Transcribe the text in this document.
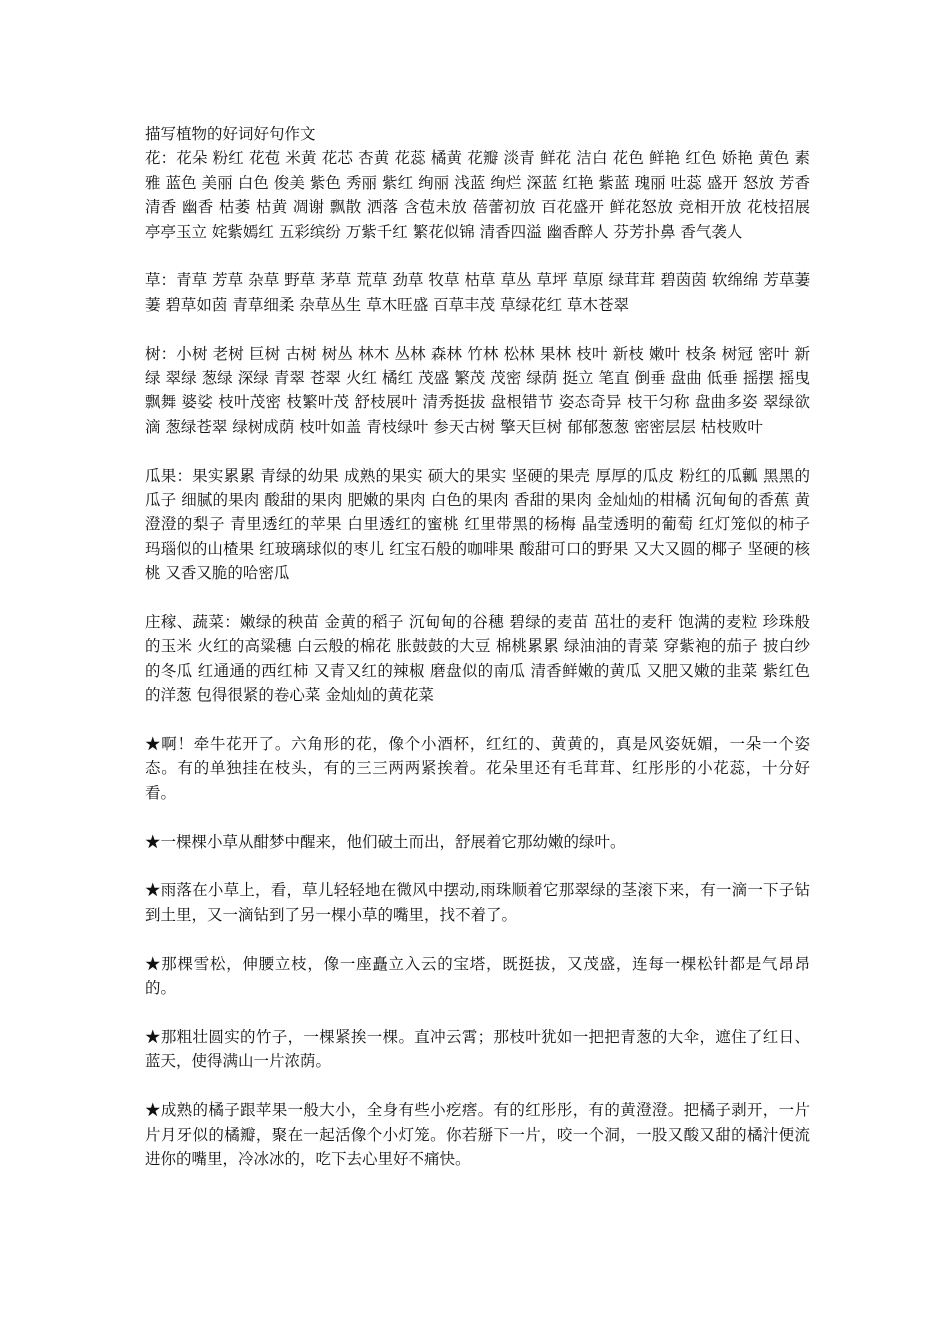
描写植物的好词好句作文

花：花朵 粉红 花苞 米黄 花芯 杏黄 花蕊 橘黄 花瓣 淡青 鲜花 洁白 花色 鲜艳 红色 娇艳 黄色 素雅 蓝色 美丽 白色 俊美 紫色 秀丽 紫红 绚丽 浅蓝 绚烂 深蓝 红艳 紫蓝 瑰丽 吐蕊 盛开 怒放 芳香 清香 幽香 枯萎 枯黄 凋谢 飘散 洒落 含苞未放 蓓蕾初放 百花盛开 鲜花怒放 竞相开放 花枝招展 亭亭玉立 姹紫嫣红 五彩缤纷 万紫千红 繁花似锦 清香四溢 幽香醉人 芬芳扑鼻 香气袭人

草：青草 芳草 杂草 野草 茅草 荒草 劲草 牧草 枯草 草丛 草坪 草原 绿茸茸 碧茵茵 软绵绵 芳草萋萋 碧草如茵 青草细柔 杂草丛生 草木旺盛 百草丰茂 草绿花红 草木苍翠

树：小树 老树 巨树 古树 树丛 林木 丛林 森林 竹林 松林 果林 枝叶 新枝 嫩叶 枝条 树冠 密叶 新绿 翠绿 葱绿 深绿 青翠 苍翠 火红 橘红 茂盛 繁茂 茂密 绿荫 挺立 笔直 倒垂 盘曲 低垂 摇摆 摇曳 飘舞 婆娑 枝叶茂密 枝繁叶茂 舒枝展叶 清秀挺拔 盘根错节 姿态奇异 枝干匀称 盘曲多姿 翠绿欲滴 葱绿苍翠 绿树成荫 枝叶如盖 青枝绿叶 参天古树 擎天巨树 郁郁葱葱 密密层层 枯枝败叶

瓜果：果实累累 青绿的幼果 成熟的果实 硕大的果实 坚硬的果壳 厚厚的瓜皮 粉红的瓜瓤 黑黑的瓜子 细腻的果肉 酸甜的果肉 肥嫩的果肉 白色的果肉 香甜的果肉 金灿灿的柑橘 沉甸甸的香蕉 黄澄澄的梨子 青里透红的苹果 白里透红的蜜桃 红里带黑的杨梅 晶莹透明的葡萄 红灯笼似的柿子 玛瑙似的山楂果 红玻璃球似的枣儿 红宝石般的咖啡果 酸甜可口的野果 又大又圆的椰子 坚硬的核桃 又香又脆的哈密瓜

庄稼、蔬菜：嫩绿的秧苗 金黄的稻子 沉甸甸的谷穗 碧绿的麦苗 茁壮的麦秆 饱满的麦粒 珍珠般的玉米 火红的高粱穗 白云般的棉花 胀鼓鼓的大豆 棉桃累累 绿油油的青菜 穿紫袍的茄子 披白纱的冬瓜 红通通的西红柿 又青又红的辣椒 磨盘似的南瓜 清香鲜嫩的黄瓜 又肥又嫩的韭菜 紫红色的洋葱 包得很紧的卷心菜 金灿灿的黄花菜

★啊！牵牛花开了。六角形的花，像个小酒杯，红红的、黄黄的，真是风姿妩媚，一朵一个姿态。有的单独挂在枝头，有的三三两两紧挨着。花朵里还有毛茸茸、红彤彤的小花蕊，十分好看。

★一棵棵小草从酣梦中醒来，他们破土而出，舒展着它那幼嫩的绿叶。

★雨落在小草上，看，草儿轻轻地在微风中摆动,雨珠顺着它那翠绿的茎滚下来，有一滴一下子钻到土里，又一滴钻到了另一棵小草的嘴里，找不着了。

★那棵雪松，伸腰立枝，像一座矗立入云的宝塔，既挺拔，又茂盛，连每一棵松针都是气昂昂的。

★那粗壮圆实的竹子，一棵紧挨一棵。直冲云霄；那枝叶犹如一把把青葱的大伞，遮住了红日、蓝天，使得满山一片浓荫。

★成熟的橘子跟苹果一般大小，全身有些小疙瘩。有的红彤彤，有的黄澄澄。把橘子剥开，一片片月牙似的橘瓣，聚在一起活像个小灯笼。你若掰下一片，咬一个洞，一股又酸又甜的橘汁便流进你的嘴里，冷冰冰的，吃下去心里好不痛快。
